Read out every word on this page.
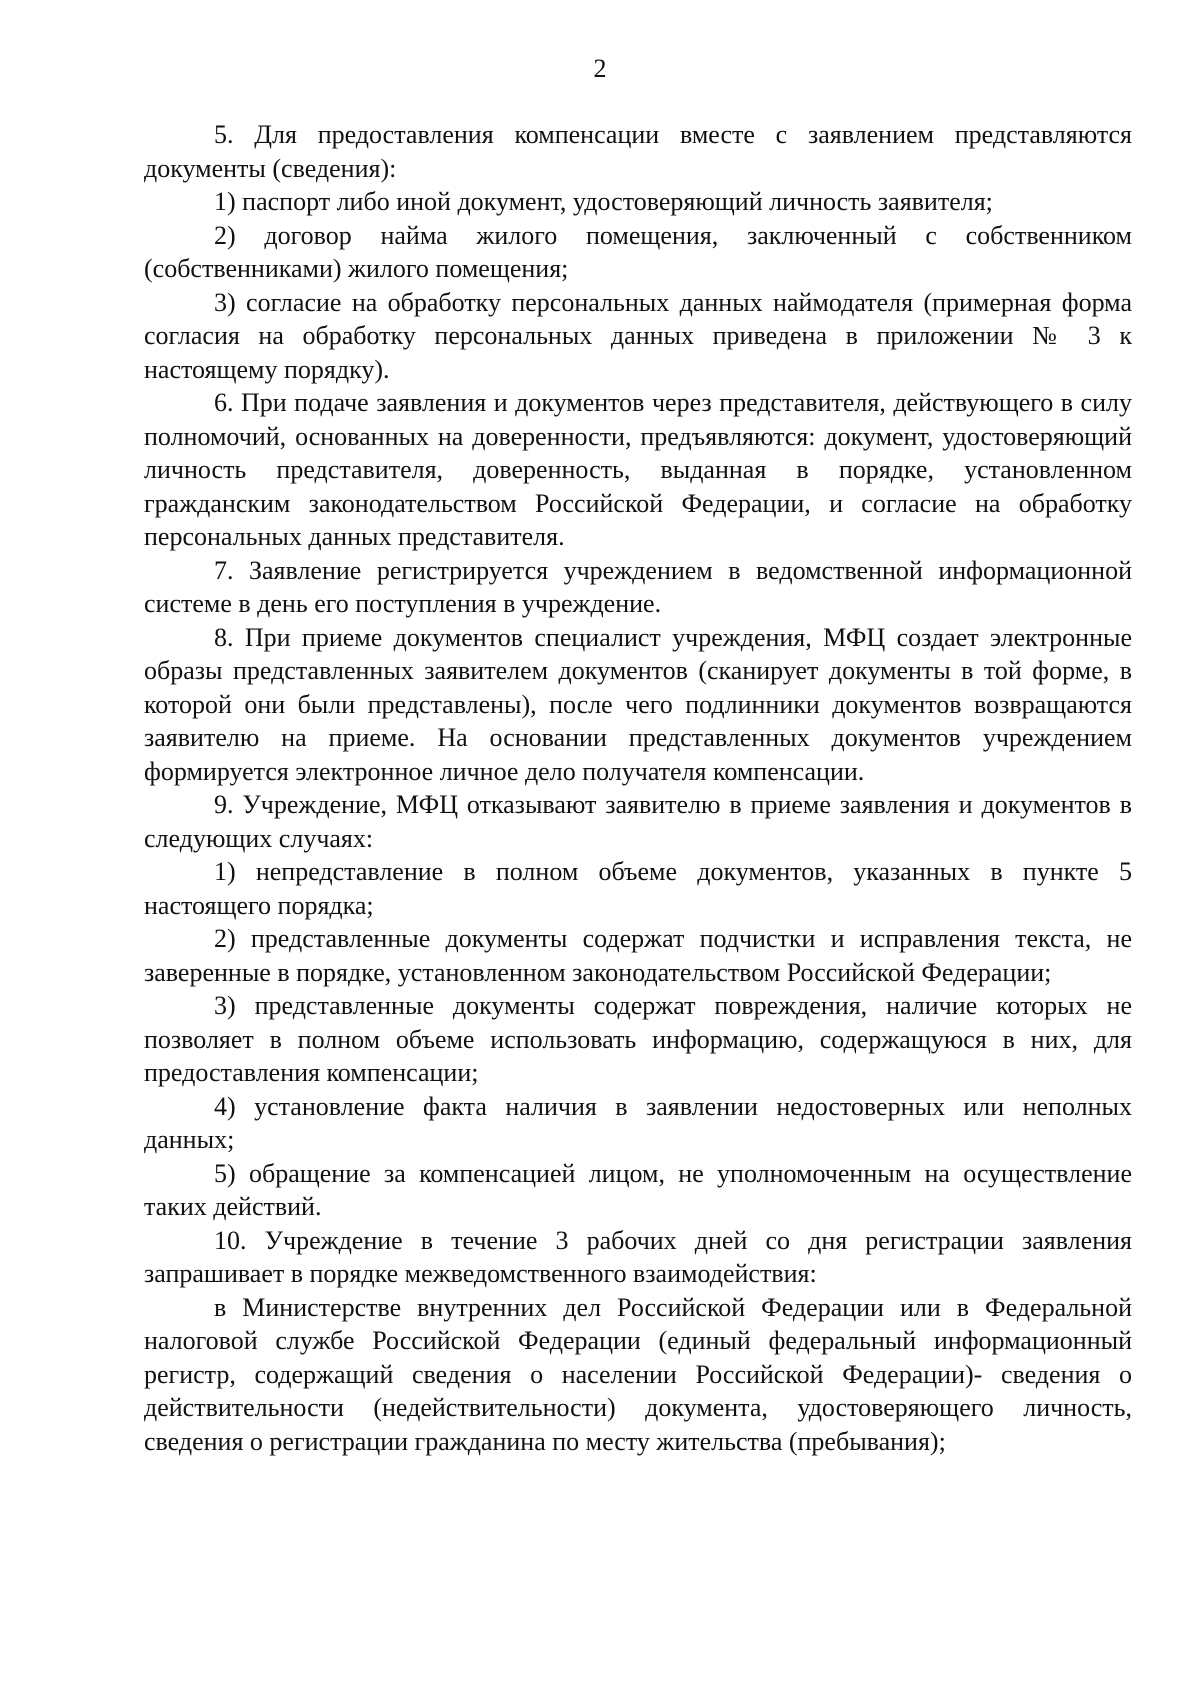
2

5. Для предоставления компенсации вместе с заявлением представляются документы (сведения):

1) паспорт либо иной документ, удостоверяющий личность заявителя;

2) договор найма жилого помещения, заключенный с собственником (собственниками) жилого помещения;

3) согласие на обработку персональных данных наймодателя (примерная форма согласия на обработку персональных данных приведена в приложении № 3 к настоящему порядку).

6. При подаче заявления и документов через представителя, действующего в силу полномочий, основанных на доверенности, предъявляются: документ, удостоверяющий личность представителя, доверенность, выданная в порядке, установленном гражданским законодательством Российской Федерации, и согласие на обработку персональных данных представителя.

7. Заявление регистрируется учреждением в ведомственной информационной системе в день его поступления в учреждение.

8. При приеме документов специалист учреждения, МФЦ создает электронные образы представленных заявителем документов (сканирует документы в той форме, в которой они были представлены), после чего подлинники документов возвращаются заявителю на приеме. На основании представленных документов учреждением формируется электронное личное дело получателя компенсации.

9. Учреждение, МФЦ отказывают заявителю в приеме заявления и документов в следующих случаях:

1) непредставление в полном объеме документов, указанных в пункте 5 настоящего порядка;

2) представленные документы содержат подчистки и исправления текста, не заверенные в порядке, установленном законодательством Российской Федерации;

3) представленные документы содержат повреждения, наличие которых не позволяет в полном объеме использовать информацию, содержащуюся в них, для предоставления компенсации;

4) установление факта наличия в заявлении недостоверных или неполных данных;

5) обращение за компенсацией лицом, не уполномоченным на осуществление таких действий.

10. Учреждение в течение 3 рабочих дней со дня регистрации заявления запрашивает в порядке межведомственного взаимодействия:

в Министерстве внутренних дел Российской Федерации или в Федеральной налоговой службе Российской Федерации (единый федеральный информационный регистр, содержащий сведения о населении Российской Федерации)- сведения о действительности (недействительности) документа, удостоверяющего личность, сведения о регистрации гражданина по месту жительства (пребывания);
